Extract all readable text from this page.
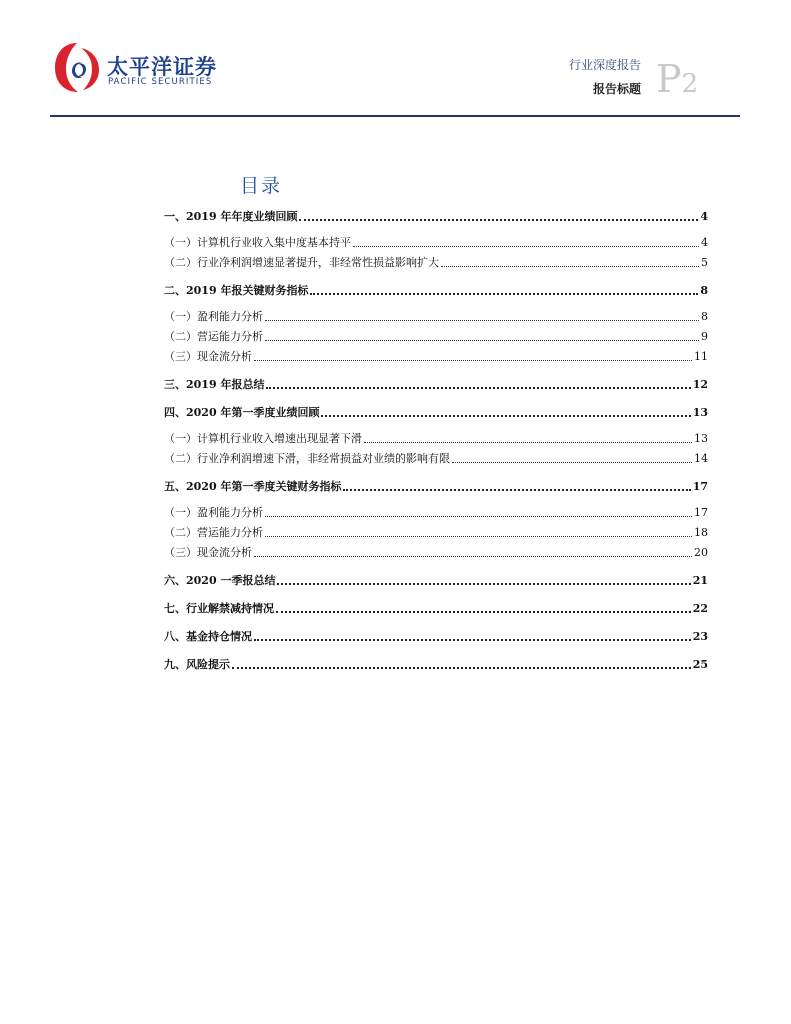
太平洋证券
PACIFIC SECURITIES
行业深度报告
报告标题 P2
目录
一、2019 年年度业绩回顾	4
（一）计算机行业收入集中度基本持平	4
（二）行业净利润增速显著提升，非经常性损益影响扩大	5
二、2019 年报关键财务指标	8
（一）盈利能力分析	8
（二）营运能力分析	9
（三）现金流分析	11
三、2019 年报总结	12
四、2020 年第一季度业绩回顾	13
（一）计算机行业收入增速出现显著下滑	13
（二）行业净利润增速下滑，非经常损益对业绩的影响有限	14
五、2020 年第一季度关键财务指标	17
（一）盈利能力分析	17
（二）营运能力分析	18
（三）现金流分析	20
六、2020 一季报总结	21
七、行业解禁减持情况	22
八、基金持仓情况	23
九、风险提示	25
